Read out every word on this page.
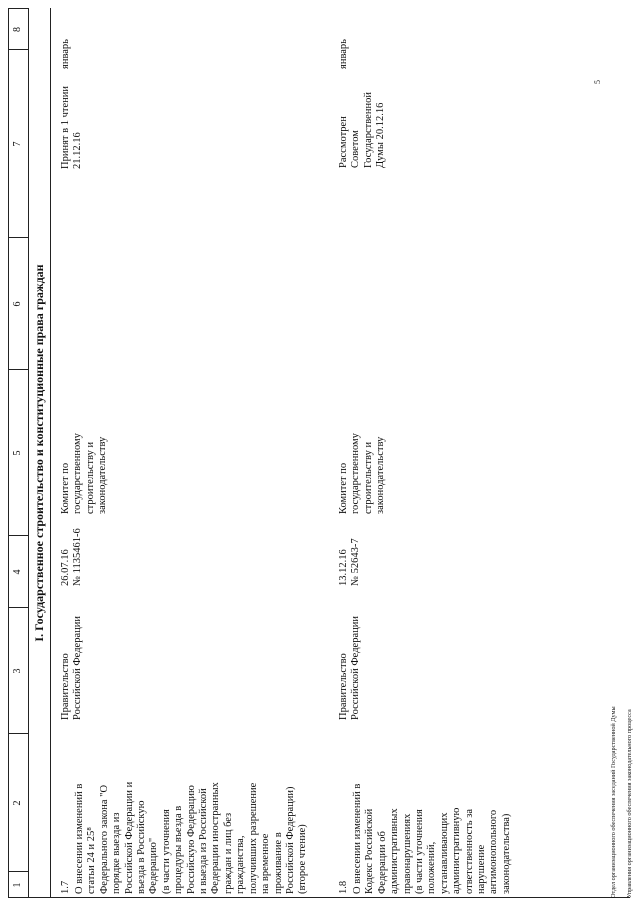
1
2
3
4
5
6
7
8
I. Государственное строительство и конституционные права граждан
1.7 О внесении изменений в
статьи 24 и 25⁸
Федерального закона "О
порядке выезда из
Российской Федерации и
въезда в Российскую
Федерацию"
(в части уточнения
процедуры въезда в
Российскую Федерацию
и выезда из Российской
Федерации иностранных
граждан и лиц без
гражданства,
получивших разрешение
на временное
проживание в
Российской Федерации)
(второе чтение)
Правительство
Российской Федерации
26.07.16
№ 1135461-6
Комитет по
государственному
строительству и
законодательству
Принят в 1 чтении
21.12.16
январь
1.8 О внесении изменений в
Кодекс Российской
Федерации об
административных
правонарушениях
(в части уточнения
положений,
устанавливающих
административную
ответственность за
нарушение
антимонопольного
законодательства)
Правительство
Российской Федерации
13.12.16
№ 52643-7
Комитет по
государственному
строительству и
законодательству
Рассмотрен
Советом
Государственной
Думы 20.12.16
январь

Отдел организационного обеспечения заседаний Государственной Думы Управления организационного обеспечения законодательного процесса

5
